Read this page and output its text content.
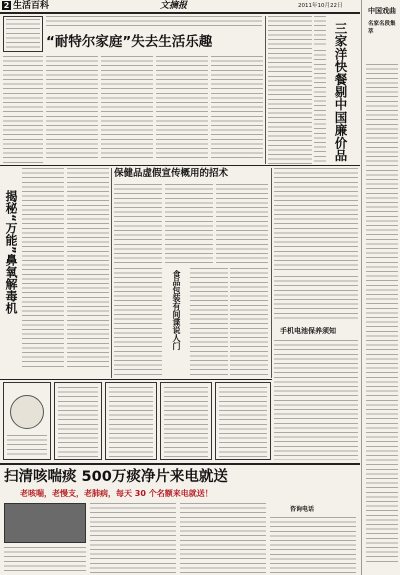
2 生活百科	文摘报	2011年10月22日
中国戏曲
名家名段集萃
“耐特尔家庭”失去生活乐趣	三家洋快餐剔中国廉价品
揭秘“万能”鼻氧解毒机
保健品虚假宣传概用的招术
食品包装有间谍说人门	手机电池保养须知
扫清咳喘痰 500万痰净片来电就送
老咳喘，老慢支，老肺病，每天 30 个名额来电就送！
咨询电话
